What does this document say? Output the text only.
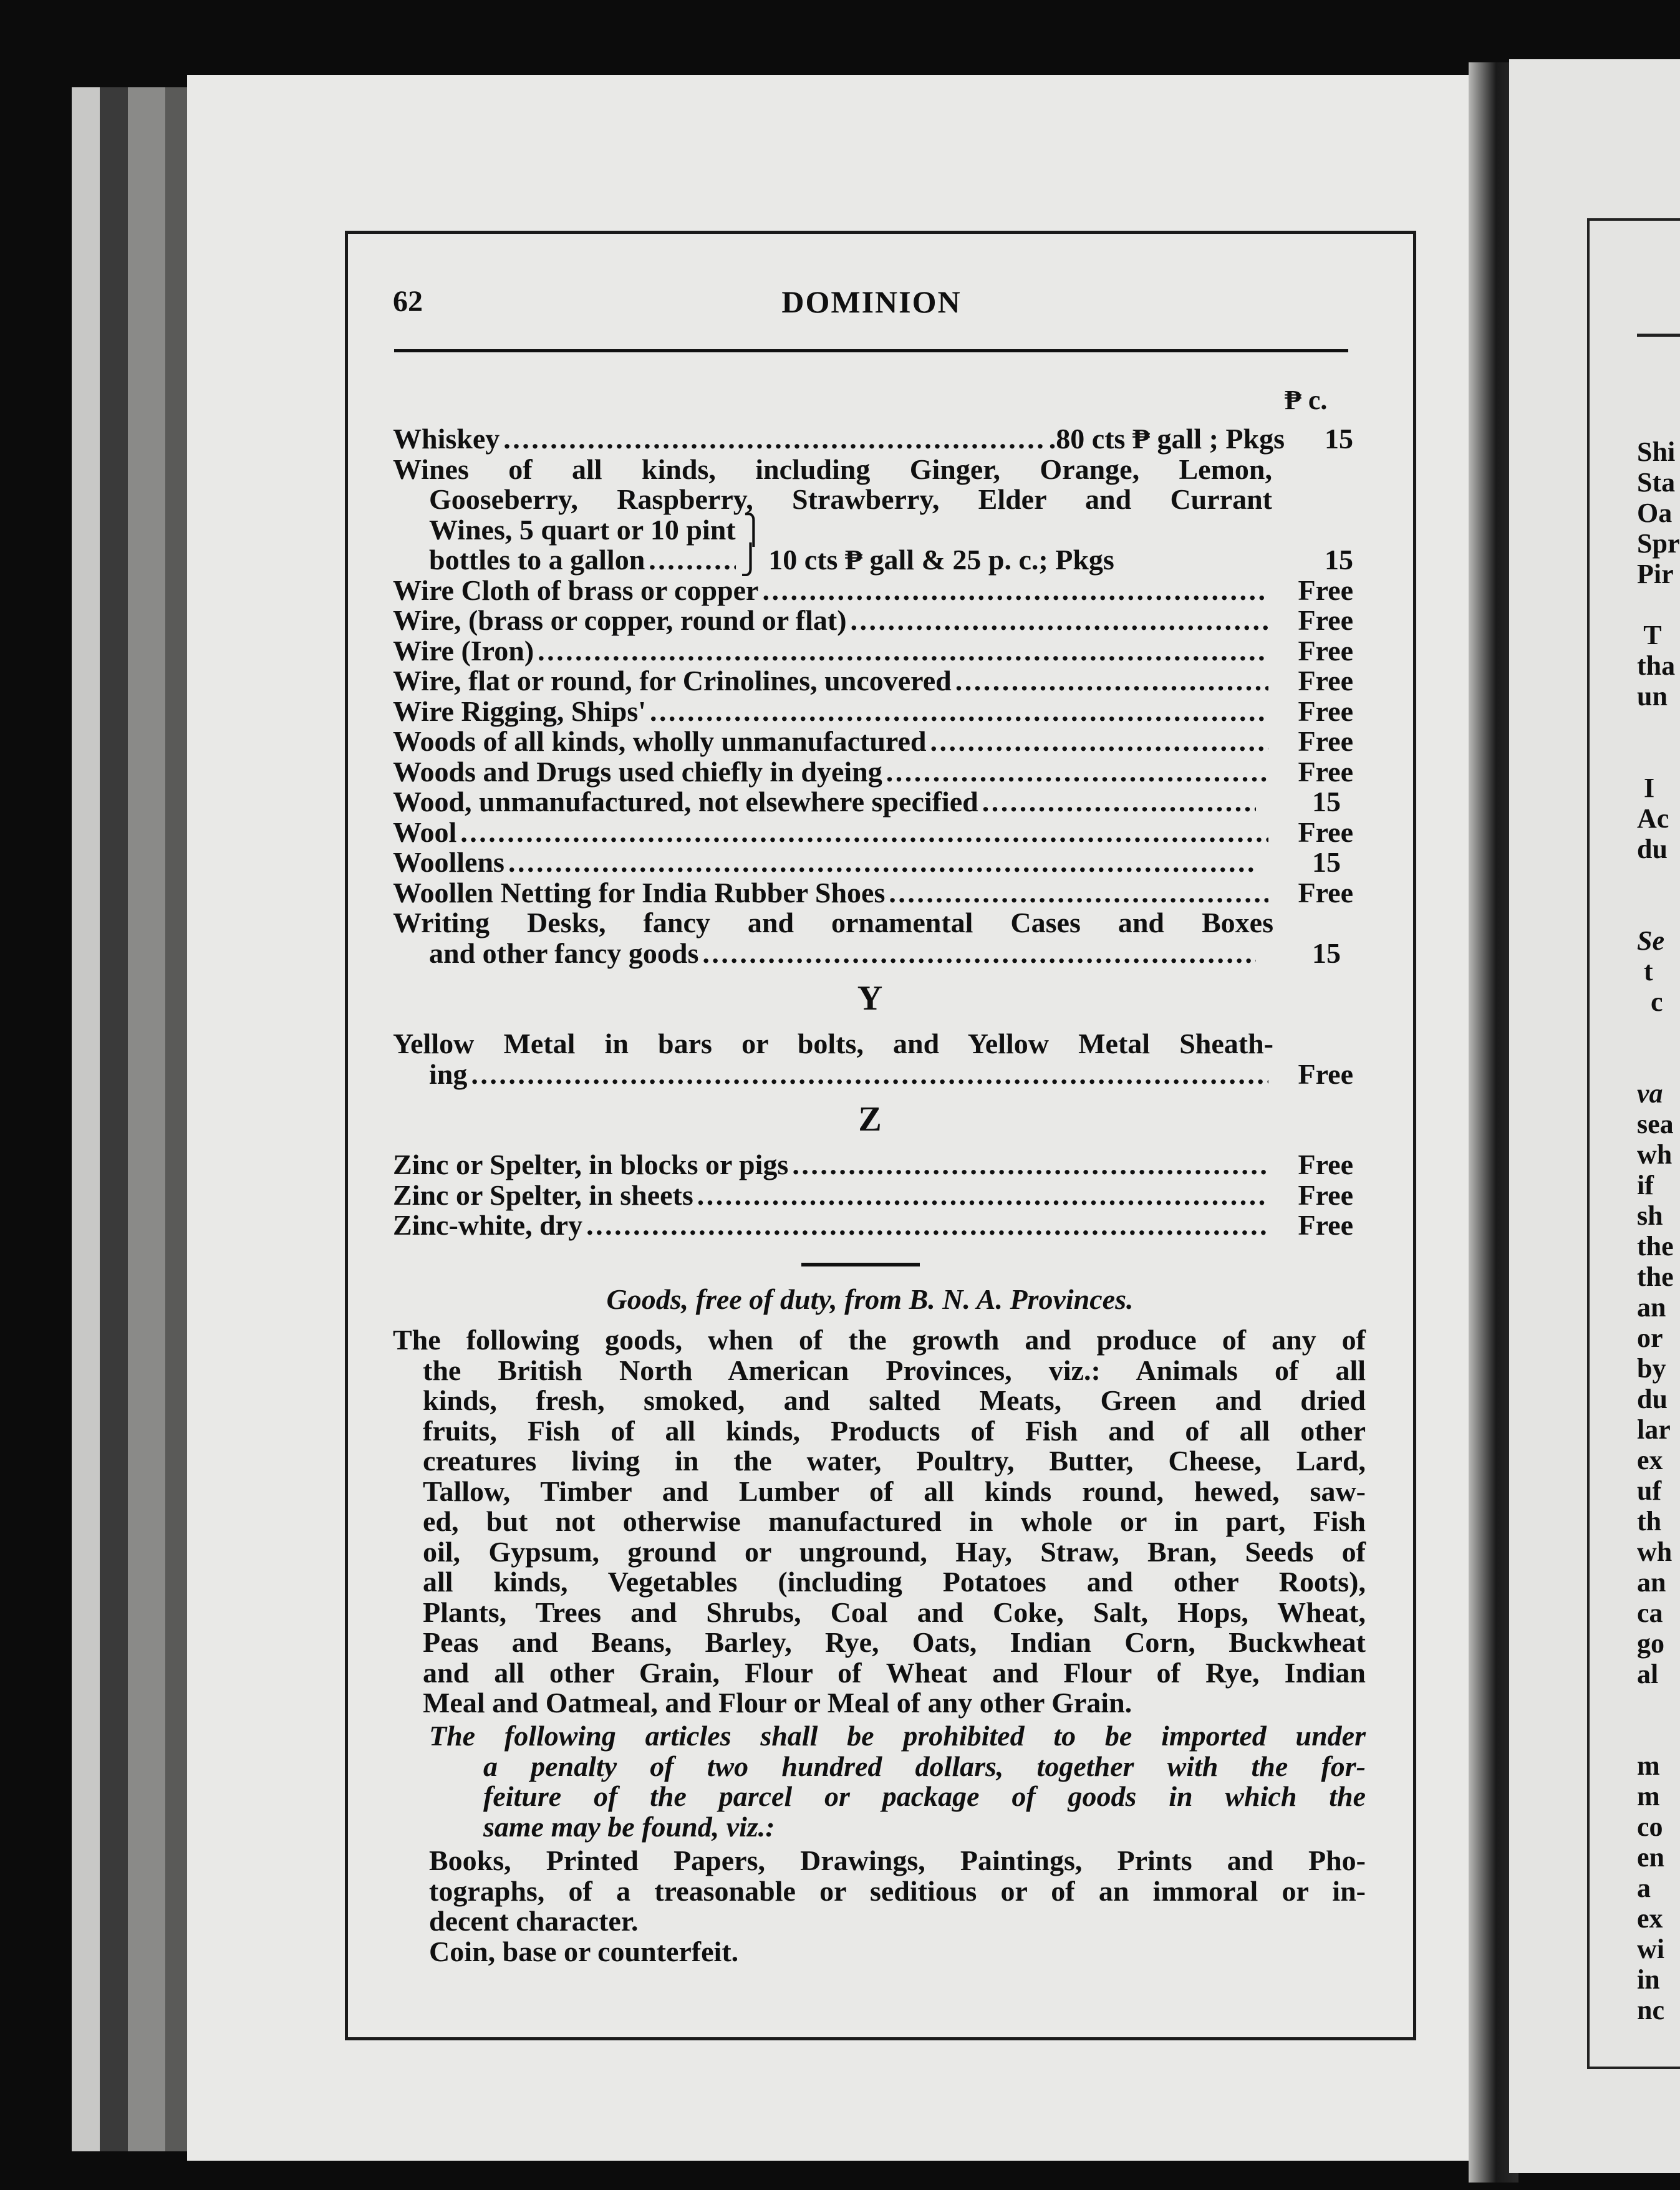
Shi
Sta
Oa
Spr
Pir
T
tha
un
I
Ac
du
Se
t
c
va
sea
wh
if
sh
the
the
an
or
by
du
lar
ex
uf
th
wh
an
ca
go
al
m
m
co
en
a
ex
wi
in
nc
62	DOMINION
₱ c.
Whiskey . . .	.80 cts ₱ gall ; Pkgs	15
Wines of all kinds, including Ginger, Orange, Lemon,
Gooseberry, Raspberry, Strawberry, Elder and Currant
Wines, 5 quart or 10 pint ⎫
bottles to a gallon . . .	⎭ 10 cts ₱ gall & 25 p. c.; Pkgs	15
Wire Cloth of brass or copper . . .	Free
Wire, (brass or copper, round or flat) . . .	Free
Wire (Iron) . . .	Free
Wire, flat or round, for Crinolines, uncovered . . .	Free
Wire Rigging, Ships' . . .	Free
Woods of all kinds, wholly unmanufactured . . .	Free
Woods and Drugs used chiefly in dyeing . . .	Free
Wood, unmanufactured, not elsewhere specified . . .	15
Wool . . .	Free
Woollens . . .	15
Woollen Netting for India Rubber Shoes . . .	Free
Writing Desks, fancy and ornamental Cases and Boxes
and other fancy goods . . .	15
Y
Yellow Metal in bars or bolts, and Yellow Metal Sheath-
ing . . .	Free
Z
Zinc or Spelter, in blocks or pigs . . .	Free
Zinc or Spelter, in sheets . . .	Free
Zinc-white, dry . . .	Free
Goods, free of duty, from B. N. A. Provinces.
The following goods, when of the growth and produce of any of
the British North American Provinces, viz.: Animals of all
kinds, fresh, smoked, and salted Meats, Green and dried
fruits, Fish of all kinds, Products of Fish and of all other
creatures living in the water, Poultry, Butter, Cheese, Lard,
Tallow, Timber and Lumber of all kinds round, hewed, saw-
ed, but not otherwise manufactured in whole or in part, Fish
oil, Gypsum, ground or unground, Hay, Straw, Bran, Seeds of
all kinds, Vegetables (including Potatoes and other Roots),
Plants, Trees and Shrubs, Coal and Coke, Salt, Hops, Wheat,
Peas and Beans, Barley, Rye, Oats, Indian Corn, Buckwheat
and all other Grain, Flour of Wheat and Flour of Rye, Indian
Meal and Oatmeal, and Flour or Meal of any other Grain.
The following articles shall be prohibited to be imported under
a penalty of two hundred dollars, together with the for-
feiture of the parcel or package of goods in which the
same may be found, viz.:
Books, Printed Papers, Drawings, Paintings, Prints and Pho-
tographs, of a treasonable or seditious or of an immoral or in-
decent character.
Coin, base or counterfeit.
